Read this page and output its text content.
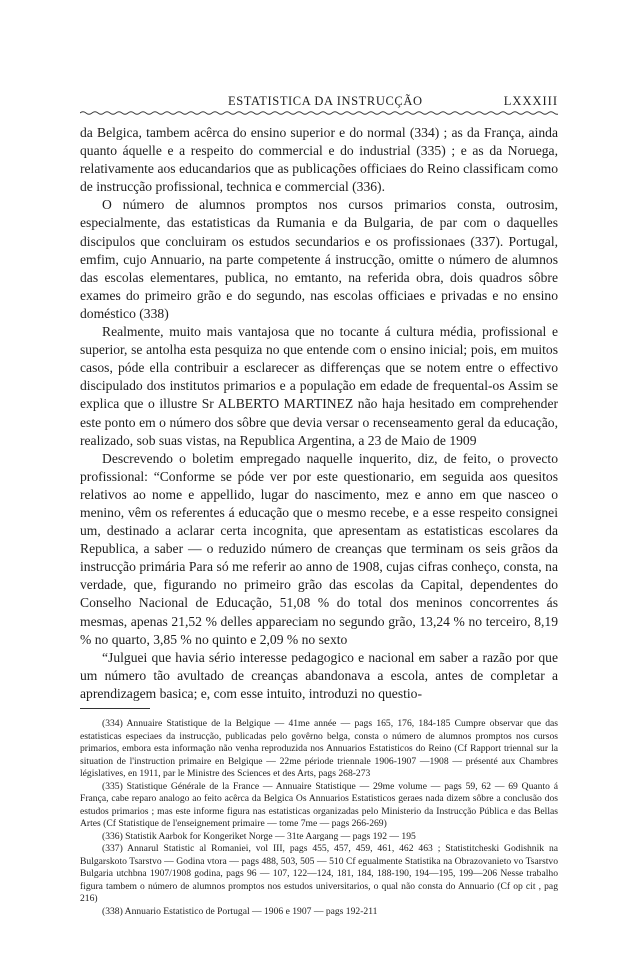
ESTATISTICA DA INSTRUCÇÃO	LXXXIII

da Belgica, tambem acêrca do ensino superior e do normal (334) ; as da França, ainda quanto áquelle e a respeito do commercial e do industrial (335) ; e as da Noruega, relativamente aos educandarios que as publicações officiaes do Reino classificam como de instrucção profissional, technica e commercial (336).

O número de alumnos promptos nos cursos primarios consta, outrosim, especialmente, das estatisticas da Rumania e da Bulgaria, de par com o daquelles discipulos que concluiram os estudos secundarios e os profissionaes (337). Portugal, emfim, cujo Annuario, na parte competente á instrucção, omitte o número de alumnos das escolas elementares, publica, no emtanto, na referida obra, dois quadros sôbre exames do primeiro grão e do segundo, nas escolas officiaes e privadas e no ensino doméstico (338)

Realmente, muito mais vantajosa que no tocante á cultura média, profissional e superior, se antolha esta pesquiza no que entende com o ensino inicial; pois, em muitos casos, póde ella contribuir a esclarecer as differenças que se notem entre o effectivo discipulado dos institutos primarios e a população em edade de frequental-os Assim se explica que o illustre Sr ALBERTO MARTINEZ não haja hesitado em comprehender este ponto em o número dos sôbre que devia versar o recenseamento geral da educação, realizado, sob suas vistas, na Republica Argentina, a 23 de Maio de 1909

Descrevendo o boletim empregado naquelle inquerito, diz, de feito, o provecto profissional: “Conforme se póde ver por este questionario, em seguida aos quesitos relativos ao nome e appellido, lugar do nascimento, mez e anno em que nasceo o menino, vêm os referentes á educação que o mesmo recebe, e a esse respeito consignei um, destinado a aclarar certa incognita, que apresentam as estatisticas escolares da Republica, a saber — o reduzido número de creanças que terminam os seis grãos da instrucção primária Para só me referir ao anno de 1908, cujas cifras conheço, consta, na verdade, que, figurando no primeiro grão das escolas da Capital, dependentes do Conselho Nacional de Educação, 51,08 % do total dos meninos concorrentes ás mesmas, apenas 21,52 % delles appareciam no segundo grão, 13,24 % no terceiro, 8,19 % no quarto, 3,85 % no quinto e 2,09 % no sexto

“Julguei que havia sério interesse pedagogico e nacional em saber a razão por que um número tão avultado de creanças abandonava a escola, antes de completar a aprendizagem basica; e, com esse intuito, introduzi no questio-

(334) Annuaire Statistique de la Belgique — 41me année — pags 165, 176, 184-185 Cumpre observar que das estatisticas especiaes da instrucção, publicadas pelo govêrno belga, consta o número de alumnos promptos nos cursos primarios, embora esta informação não venha reproduzida nos Annuarios Estatisticos do Reino (Cf Rapport triennal sur la situation de l'instruction primaire en Belgique — 22me période triennale 1906-1907 —1908 — présenté aux Chambres législatives, en 1911, par le Ministre des Sciences et des Arts, pags 268-273

(335) Statistique Générale de la France — Annuaire Statistique — 29me volume — pags 59, 62 — 69 Quanto á França, cabe reparo analogo ao feito acêrca da Belgica Os Annuarios Estatisticos geraes nada dizem sôbre a conclusão dos estudos primarios ; mas este informe figura nas estatisticas organizadas pelo Ministerio da Instrucção Pública e das Bellas Artes (Cf Statistique de l'enseignement primaire — tome 7me — pags 266-269)

(336) Statistik Aarbok for Kongeriket Norge — 31te Aargang — pags 192 — 195

(337) Annarul Statistic al Romaniei, vol III, pags 455, 457, 459, 461, 462 463 ; Statistitcheski Godishnik na Bulgarskoto Tsarstvo — Godina vtora — pags 488, 503, 505 — 510 Cf egualmente Statistika na Obrazovanieto vo Tsarstvo Bulgaria utchbna 1907/1908 godina, pags 96 — 107, 122—124, 181, 184, 188-190, 194—195, 199—206 Nesse trabalho figura tambem o número de alumnos promptos nos estudos universitarios, o qual não consta do Annuario (Cf op cit , pag 216)

(338) Annuario Estatistico de Portugal — 1906 e 1907 — pags 192-211
